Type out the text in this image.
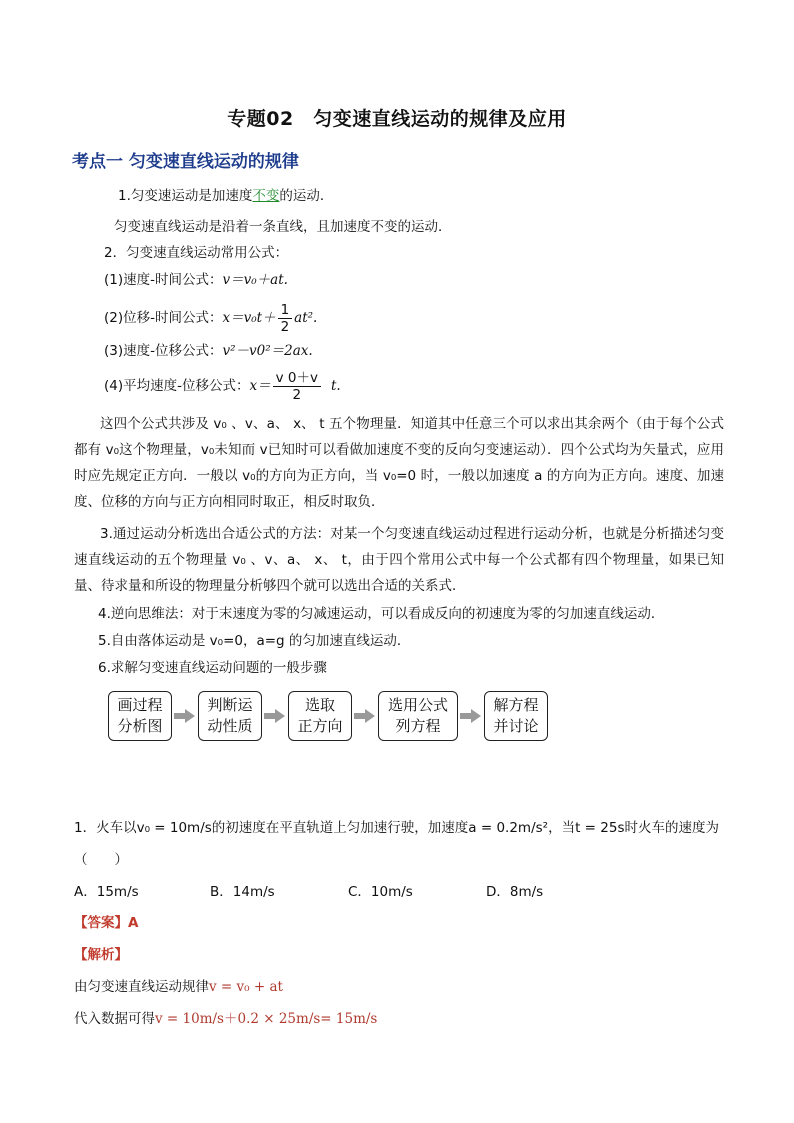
专题02　匀变速直线运动的规律及应用
考点一 匀变速直线运动的规律
1.匀变速运动是加速度不变的运动．
匀变速直线运动是沿着一条直线，且加速度不变的运动．
2．匀变速直线运动常用公式：
(1)速度-时间公式：v＝v₀＋at.
(2)位移-时间公式：$x=v_0t+ \frac{1}{2} at^2$.
(3)速度-位移公式：v²－v0²＝2ax.
(4)平均速度-位移公式：$x= \frac{v 0+v}{2} t$.
这四个公式共涉及 v₀ 、v、a、 x、 t 五个物理量．知道其中任意三个可以求出其余两个（由于每个公式都有 v₀这个物理量，v₀未知而 v已知时可以看做加速度不变的反向匀变速运动）．四个公式均为矢量式，应用时应先规定正方向．一般以 v₀的方向为正方向，当 v₀=0 时，一般以加速度 a 的方向为正方向。速度、加速度、位移的方向与正方向相同时取正，相反时取负．
3.通过运动分析选出合适公式的方法：对某一个匀变速直线运动过程进行运动分析，也就是分析描述匀变速直线运动的五个物理量 v₀ 、v、a、 x、 t，由于四个常用公式中每一个公式都有四个物理量，如果已知量、待求量和所设的物理量分析够四个就可以选出合适的关系式．
4.逆向思维法：对于末速度为零的匀减速运动，可以看成反向的初速度为零的匀加速直线运动．
5.自由落体运动是 v₀=0，a=g 的匀加速直线运动．
6.求解匀变速直线运动问题的一般步骤
画过程
分析图
判断运
动性质
选取
正方向
选用公式
列方程
解方程
并讨论
1．火车以v₀ = 10m/s的初速度在平直轨道上匀加速行驶，加速度a = 0.2m/s²，当t = 25s时火车的速度为
（　　）
A．15m/s	B．14m/s	C．10m/s	D．8m/s
【答案】A
【解析】
由匀变速直线运动规律v = v₀ + at
代入数据可得v = 10m/s＋0.2 × 25m/s= 15m/s
